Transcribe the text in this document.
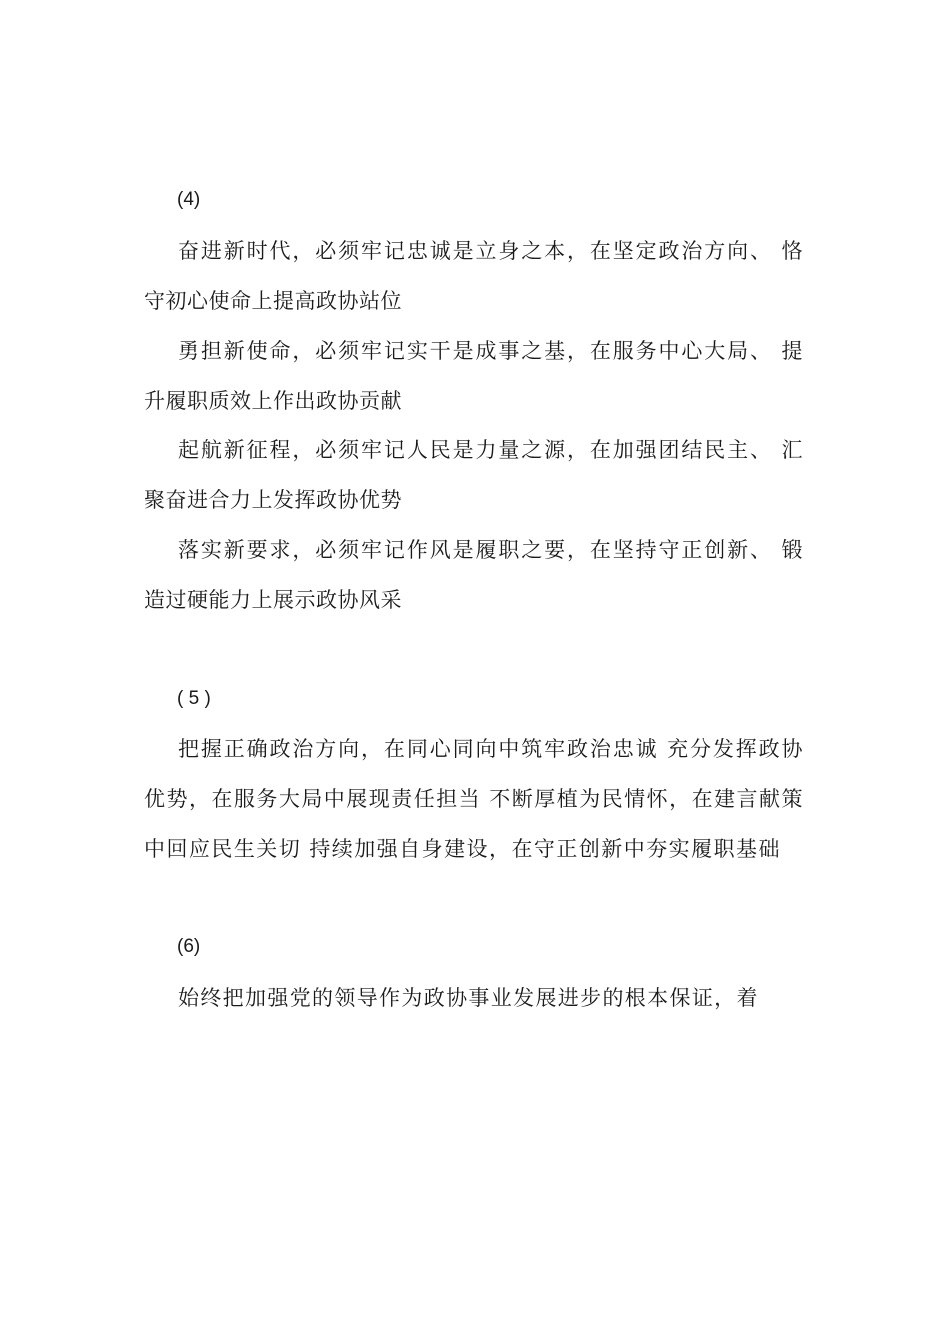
(4)
奋进新时代，必须牢记忠诚是立身之本，在坚定政治方向、 恪
守初心使命上提高政协站位
勇担新使命，必须牢记实干是成事之基，在服务中心大局、 提
升履职质效上作出政协贡献
起航新征程，必须牢记人民是力量之源，在加强团结民主、 汇
聚奋进合力上发挥政协优势
落实新要求，必须牢记作风是履职之要，在坚持守正创新、 锻
造过硬能力上展示政协风采
( 5 )
把握正确政治方向，在同心同向中筑牢政治忠诚 充分发挥政协
优势，在服务大局中展现责任担当 不断厚植为民情怀，在建言献策
中回应民生关切 持续加强自身建设，在守正创新中夯实履职基础
(6)
始终把加强党的领导作为政协事业发展进步的根本保证，着
